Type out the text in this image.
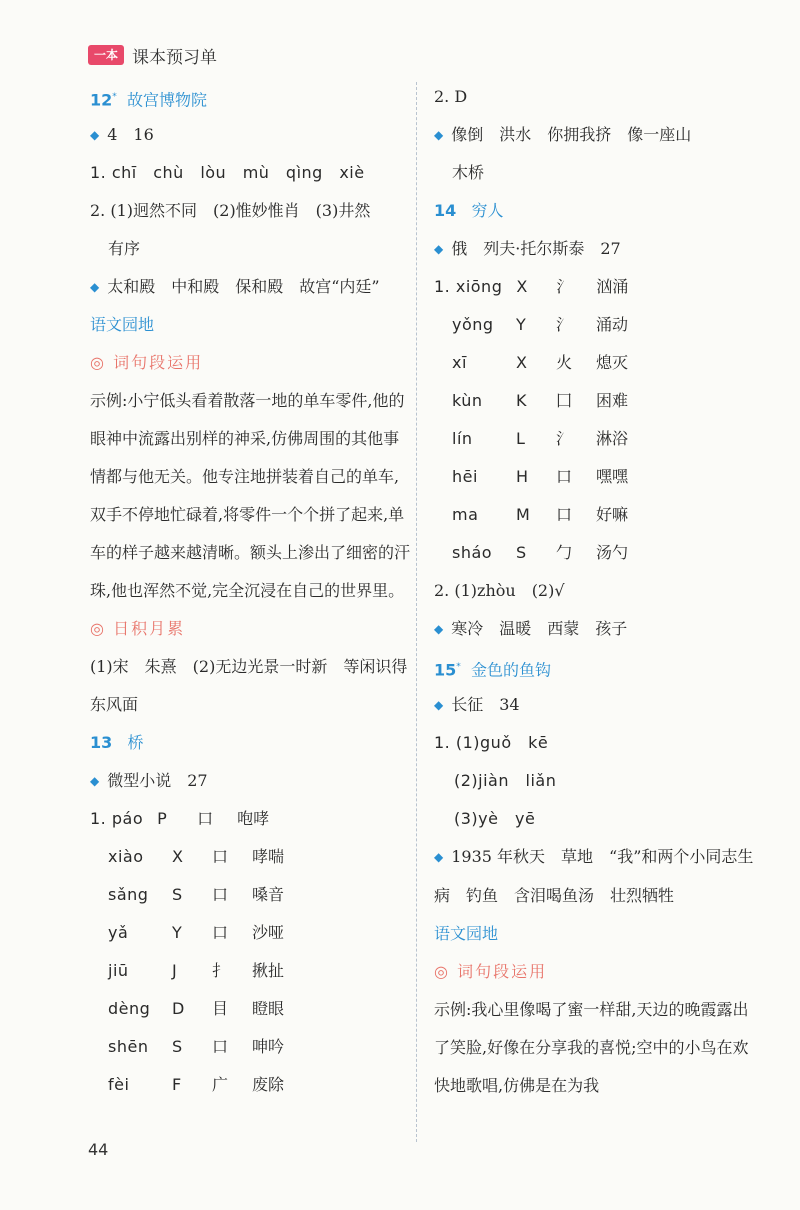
一本 课本预习单
12* 故宫博物院
◆ 4　16
1. chī　chù　lòu　mù　qìng　xiè
2. (1)迥然不同　(2)惟妙惟肖　(3)井然
有序
◆ 太和殿　中和殿　保和殿　故宫“内廷”
语文园地
◎ 词句段运用
示例:小宁低头看着散落一地的单车零件,他的眼神中流露出别样的神采,仿佛周围的其他事情都与他无关。他专注地拼装着自己的单车,双手不停地忙碌着,将零件一个个拼了起来,单车的样子越来越清晰。额头上渗出了细密的汗珠,他也浑然不觉,完全沉浸在自己的世界里。
◎ 日积月累
(1)宋　朱熹　(2)无边光景一时新　等闲识得东风面
13 桥
◆ 微型小说　27
1. páo P 口 咆哮
xiào X 口 哮喘
sǎng S 口 嗓音
yǎ	Y 口 沙哑
jiū	J 扌 揪扯
dèng D 目 瞪眼
shēn S 口 呻吟
fèi	F 广 废除
2. D
◆ 像倒　洪水　你拥我挤　像一座山
木桥
14 穷人
◆ 俄　列夫·托尔斯泰　27
1. xiōng X 氵 汹涌
yǒng Y 氵 涌动
xī	X 火 熄灭
kùn K 囗 困难
lín	L 氵 淋浴
hēi H 口 嘿嘿
ma M 口 好嘛
sháo S 勹 汤勺
2. (1)zhòu　(2)√
◆ 寒冷　温暖　西蒙　孩子
15* 金色的鱼钩
◆ 长征　34
1. (1)guǒ　kē
(2)jiàn　liǎn
(3)yè　yē
◆ 1935 年秋天　草地　“我”和两个小同志生病　钓鱼　含泪喝鱼汤　壮烈牺牲
语文园地
◎ 词句段运用
示例:我心里像喝了蜜一样甜,天边的晚霞露出了笑脸,好像在分享我的喜悦;空中的小鸟在欢快地歌唱,仿佛是在为我
44
